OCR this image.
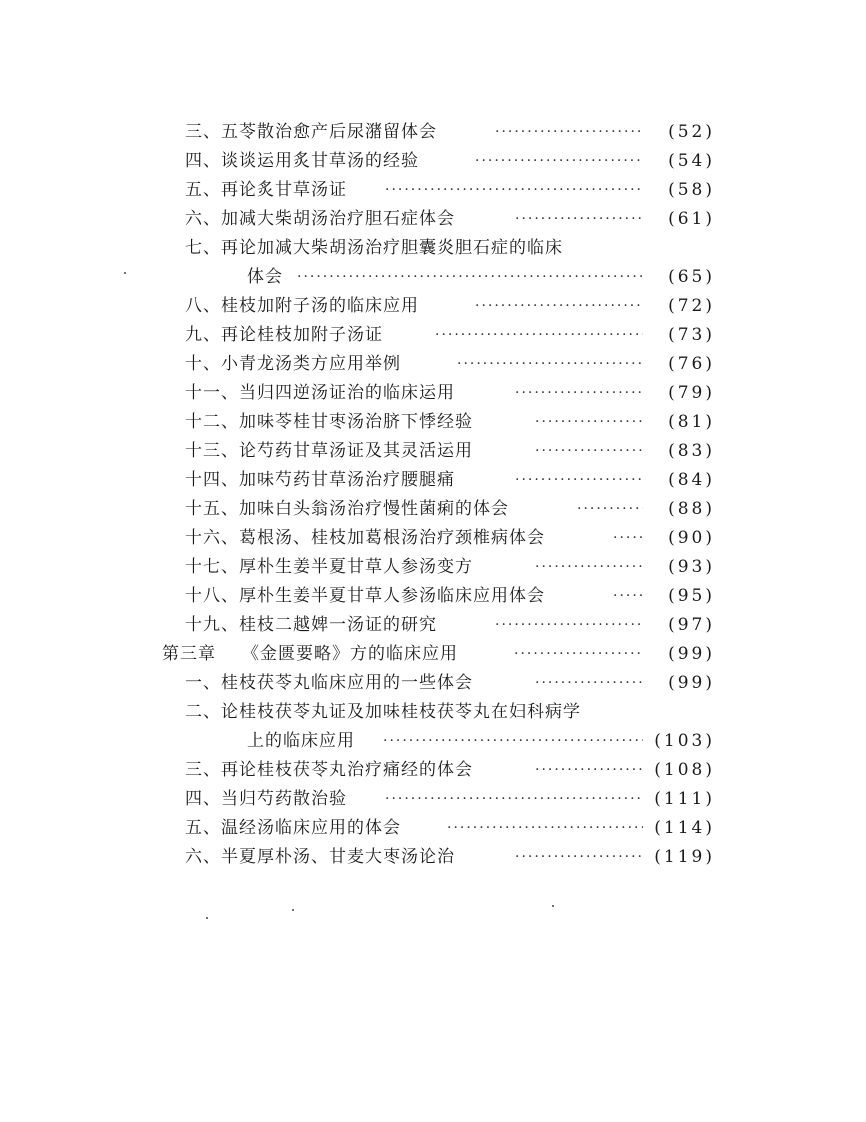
三、五苓散治愈产后尿潴留体会 ·····	(52)
四、谈谈运用炙甘草汤的经验 ·····	(54)
五、再论炙甘草汤证 ·····	(58)
六、加减大柴胡汤治疗胆石症体会 ·····	(61)
七、再论加减大柴胡汤治疗胆囊炎胆石症的临床
体会 ·····	(65)
八、桂枝加附子汤的临床应用 ·····	(72)
九、再论桂枝加附子汤证 ·····	(73)
十、小青龙汤类方应用举例 ·····	(76)
十一、当归四逆汤证治的临床运用 ·····	(79)
十二、加味苓桂甘枣汤治脐下悸经验 ·····	(81)
十三、论芍药甘草汤证及其灵活运用 ·····	(83)
十四、加味芍药甘草汤治疗腰腿痛 ·····	(84)
十五、加味白头翁汤治疗慢性菌痢的体会 ·····	(88)
十六、葛根汤、桂枝加葛根汤治疗颈椎病体会 ·····	(90)
十七、厚朴生姜半夏甘草人参汤变方 ·····	(93)
十八、厚朴生姜半夏甘草人参汤临床应用体会 ·····	(95)
十九、桂枝二越婢一汤证的研究 ·····	(97)
第三章 《金匮要略》方的临床应用 ·····	(99)
一、桂枝茯苓丸临床应用的一些体会 ·····	(99)
二、论桂枝茯苓丸证及加味桂枝茯苓丸在妇科病学
上的临床应用 ·····	(103)
三、再论桂枝茯苓丸治疗痛经的体会 ·····	(108)
四、当归芍药散治验 ·····	(111)
五、温经汤临床应用的体会 ·····	(114)
六、半夏厚朴汤、甘麦大枣汤论治 ·····	(119)
